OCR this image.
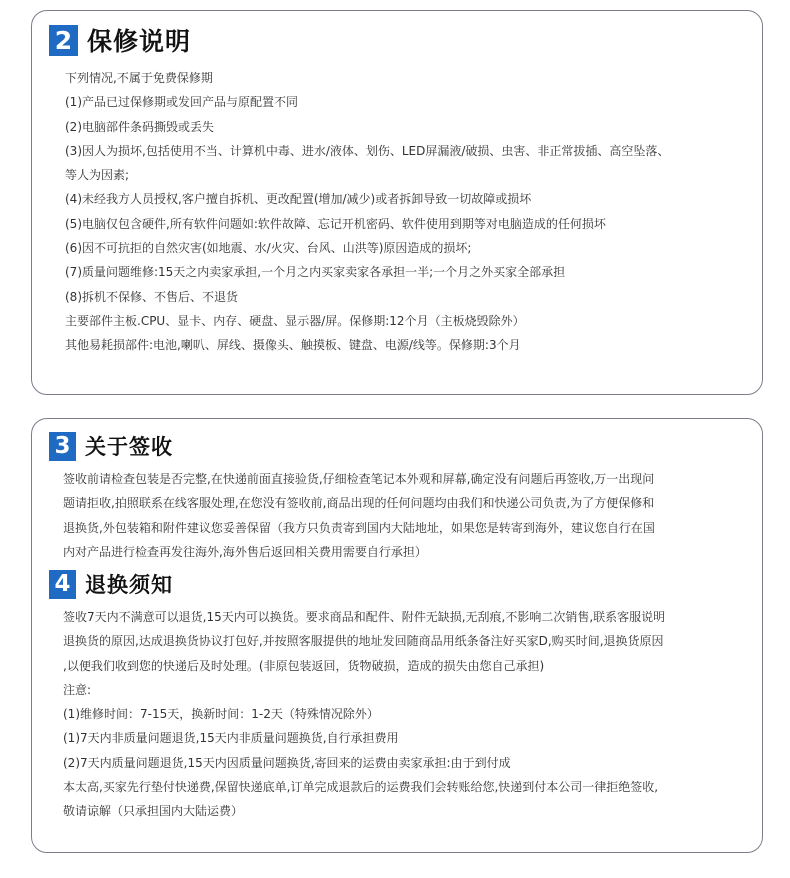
2 保修说明
下列情况,不属于免费保修期
(1)产品已过保修期或发回产品与原配置不同
(2)电脑部件条码撕毁或丢失
(3)因人为损坏,包括使用不当、计算机中毒、进水/液体、划伤、LED屏漏液/破损、虫害、非正常拔插、高空坠落、
等人为因素;
(4)未经我方人员授权,客户擅自拆机、更改配置(增加/减少)或者拆卸导致一切故障或损坏
(5)电脑仅包含硬件,所有软件问题如:软件故障、忘记开机密码、软件使用到期等对电脑造成的任何损坏
(6)因不可抗拒的自然灾害(如地震、水/火灾、台风、山洪等)原因造成的损坏;
(7)质量问题维修:15天之内卖家承担,一个月之内买家卖家各承担一半;一个月之外买家全部承担
(8)拆机不保修、不售后、不退货
主要部件主板.CPU、显卡、内存、硬盘、显示器/屏。保修期:12个月（主板烧毁除外）
其他易耗损部件:电池,喇叭、屏线、摄像头、触摸板、键盘、电源/线等。保修期:3个月
3 关于签收
签收前请检查包装是否完整,在快递前面直接验货,仔细检查笔记本外观和屏幕,确定没有问题后再签收,万一出现问
题请拒收,拍照联系在线客服处理,在您没有签收前,商品出现的任何问题均由我们和快递公司负责,为了方便保修和
退换货,外包装箱和附件建议您妥善保留（我方只负责寄到国内大陆地址，如果您是转寄到海外，建议您自行在国
内对产品进行检查再发往海外,海外售后返回相关费用需要自行承担）
4 退换须知
签收7天内不满意可以退货,15天内可以换货。要求商品和配件、附件无缺损,无刮痕,不影响二次销售,联系客服说明
退换货的原因,达成退换货协议打包好,并按照客服提供的地址发回随商品用纸条备注好买家D,购买时间,退换货原因
,以便我们收到您的快递后及时处理。(非原包装返回，货物破损，造成的损失由您自己承担)
注意:
(1)维修时间：7-15天，换新时间：1-2天（特殊情况除外）
(1)7天内非质量问题退货,15天内非质量问题换货,自行承担费用
(2)7天内质量问题退货,15天内因质量问题换货,寄回来的运费由卖家承担:由于到付成
本太高,买家先行垫付快递费,保留快递底单,订单完成退款后的运费我们会转账给您,快递到付本公司一律拒绝签收,
敬请谅解（只承担国内大陆运费）
